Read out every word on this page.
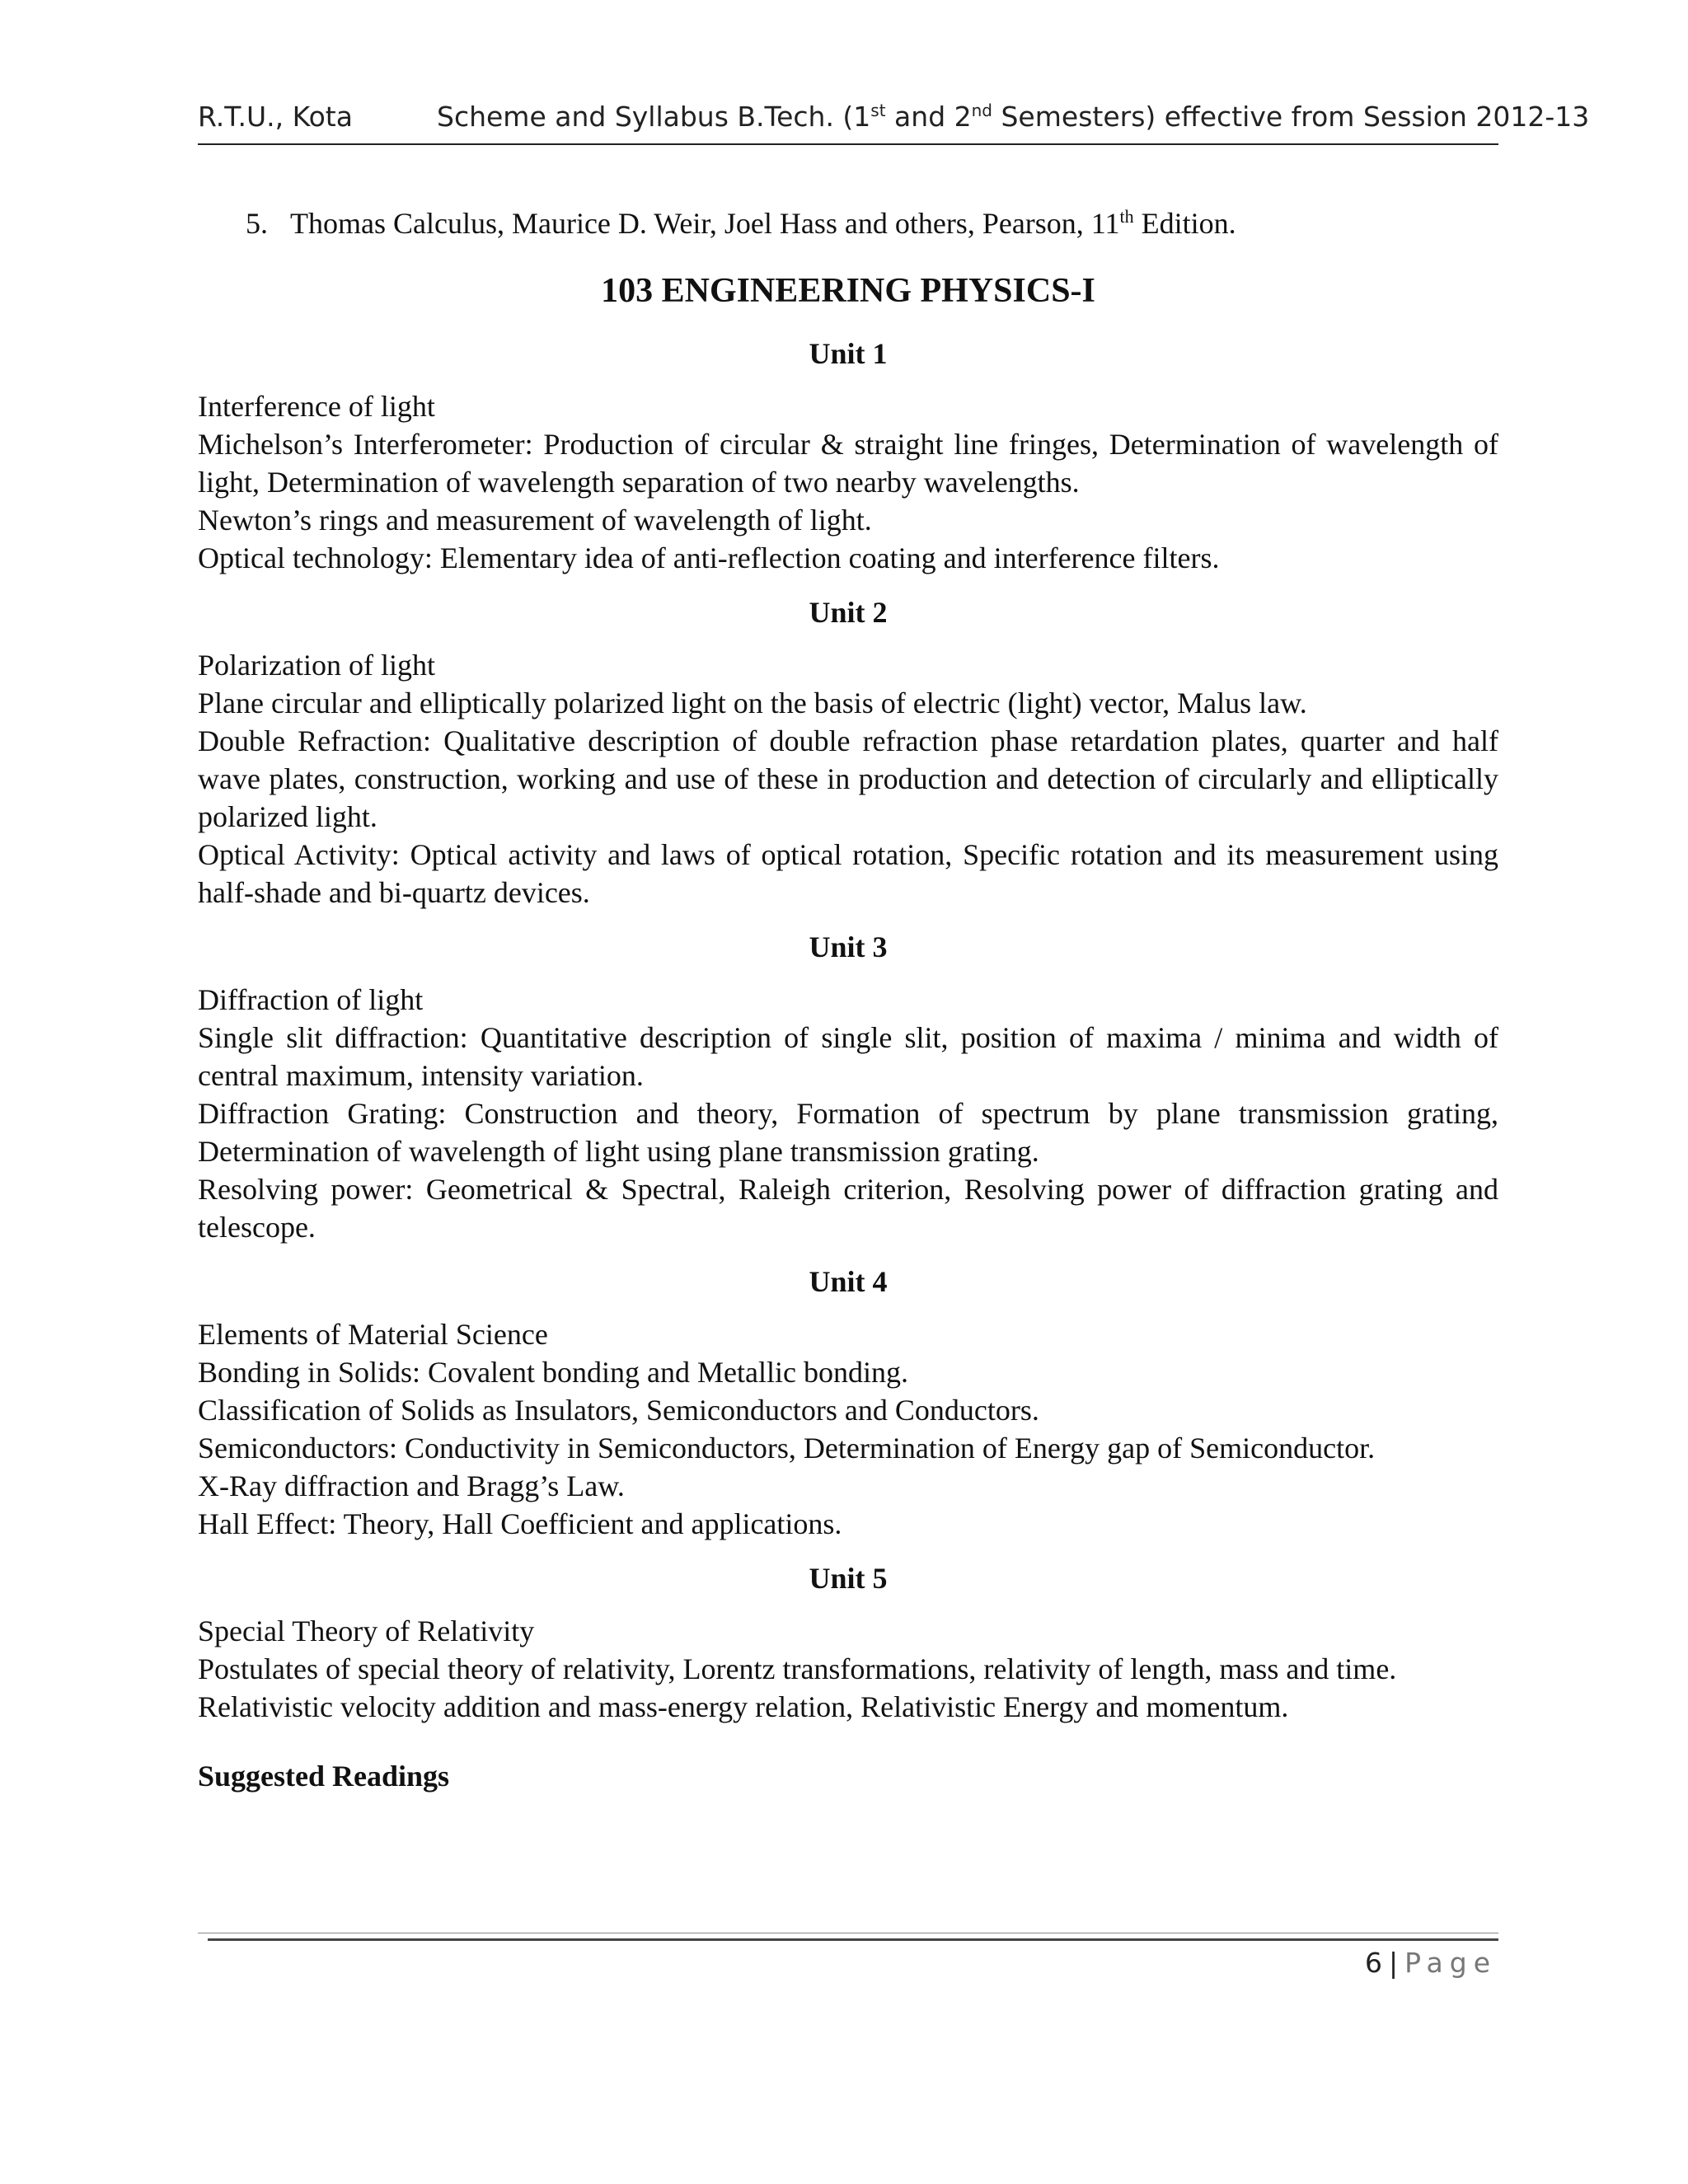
R.T.U., Kota	Scheme and Syllabus B.Tech. (1st and 2nd Semesters) effective from Session 2012-13

5. Thomas Calculus, Maurice D. Weir, Joel Hass and others, Pearson, 11th Edition.

103 ENGINEERING PHYSICS-I
Unit 1

Interference of light

Michelson’s Interferometer: Production of circular & straight line fringes, Determination of wavelength of light, Determination of wavelength separation of two nearby wavelengths.

Newton’s rings and measurement of wavelength of light.

Optical technology: Elementary idea of anti-reflection coating and interference filters.

Unit 2

Polarization of light

Plane circular and elliptically polarized light on the basis of electric (light) vector, Malus law.

Double Refraction: Qualitative description of double refraction phase retardation plates, quarter and half wave plates, construction, working and use of these in production and detection of circularly and elliptically polarized light.

Optical Activity: Optical activity and laws of optical rotation, Specific rotation and its measurement using half-shade and bi-quartz devices.

Unit 3

Diffraction of light

Single slit diffraction: Quantitative description of single slit, position of maxima / minima and width of central maximum, intensity variation.

Diffraction Grating: Construction and theory, Formation of spectrum by plane transmission grating, Determination of wavelength of light using plane transmission grating.

Resolving power: Geometrical & Spectral, Raleigh criterion, Resolving power of diffraction grating and telescope.

Unit 4

Elements of Material Science

Bonding in Solids: Covalent bonding and Metallic bonding.

Classification of Solids as Insulators, Semiconductors and Conductors.

Semiconductors: Conductivity in Semiconductors, Determination of Energy gap of Semiconductor.

X-Ray diffraction and Bragg’s Law.

Hall Effect: Theory, Hall Coefficient and applications.

Unit 5

Special Theory of Relativity

Postulates of special theory of relativity, Lorentz transformations, relativity of length, mass and time.

Relativistic velocity addition and mass-energy relation, Relativistic Energy and momentum.

Suggested Readings
6 | Page
